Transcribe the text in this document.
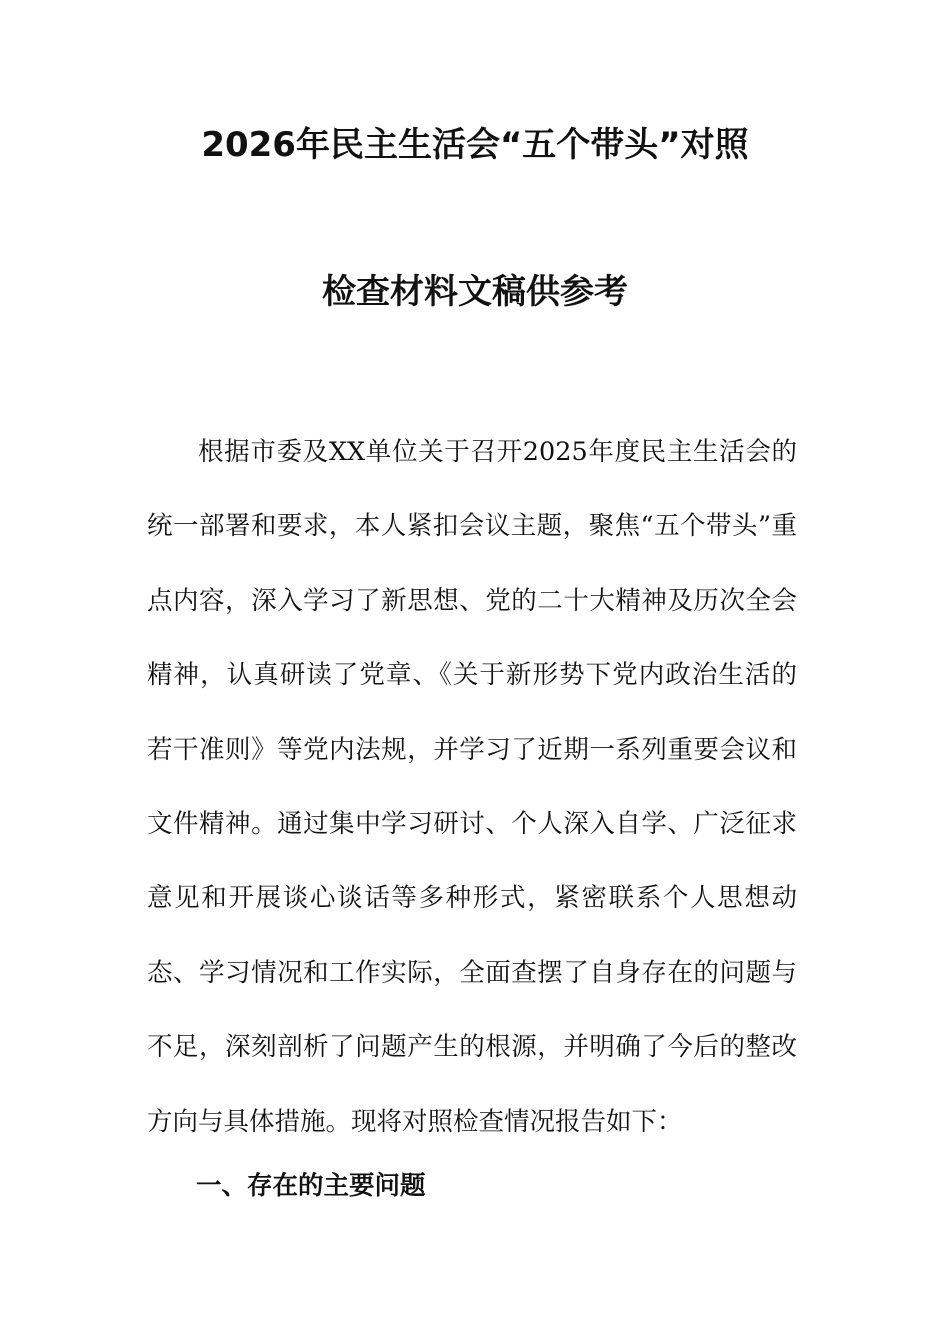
2026年民主生活会“五个带头”对照
检查材料文稿供参考

根据市委及XX单位关于召开2025年度民主生活会的统一部署和要求，本人紧扣会议主题，聚焦“五个带头”重点内容，深入学习了新思想、党的二十大精神及历次全会精神，认真研读了党章、《关于新形势下党内政治生活的若干准则》等党内法规，并学习了近期一系列重要会议和文件精神。通过集中学习研讨、个人深入自学、广泛征求意见和开展谈心谈话等多种形式，紧密联系个人思想动态、学习情况和工作实际，全面查摆了自身存在的问题与不足，深刻剖析了问题产生的根源，并明确了今后的整改方向与具体措施。现将对照检查情况报告如下：

一、存在的主要问题
